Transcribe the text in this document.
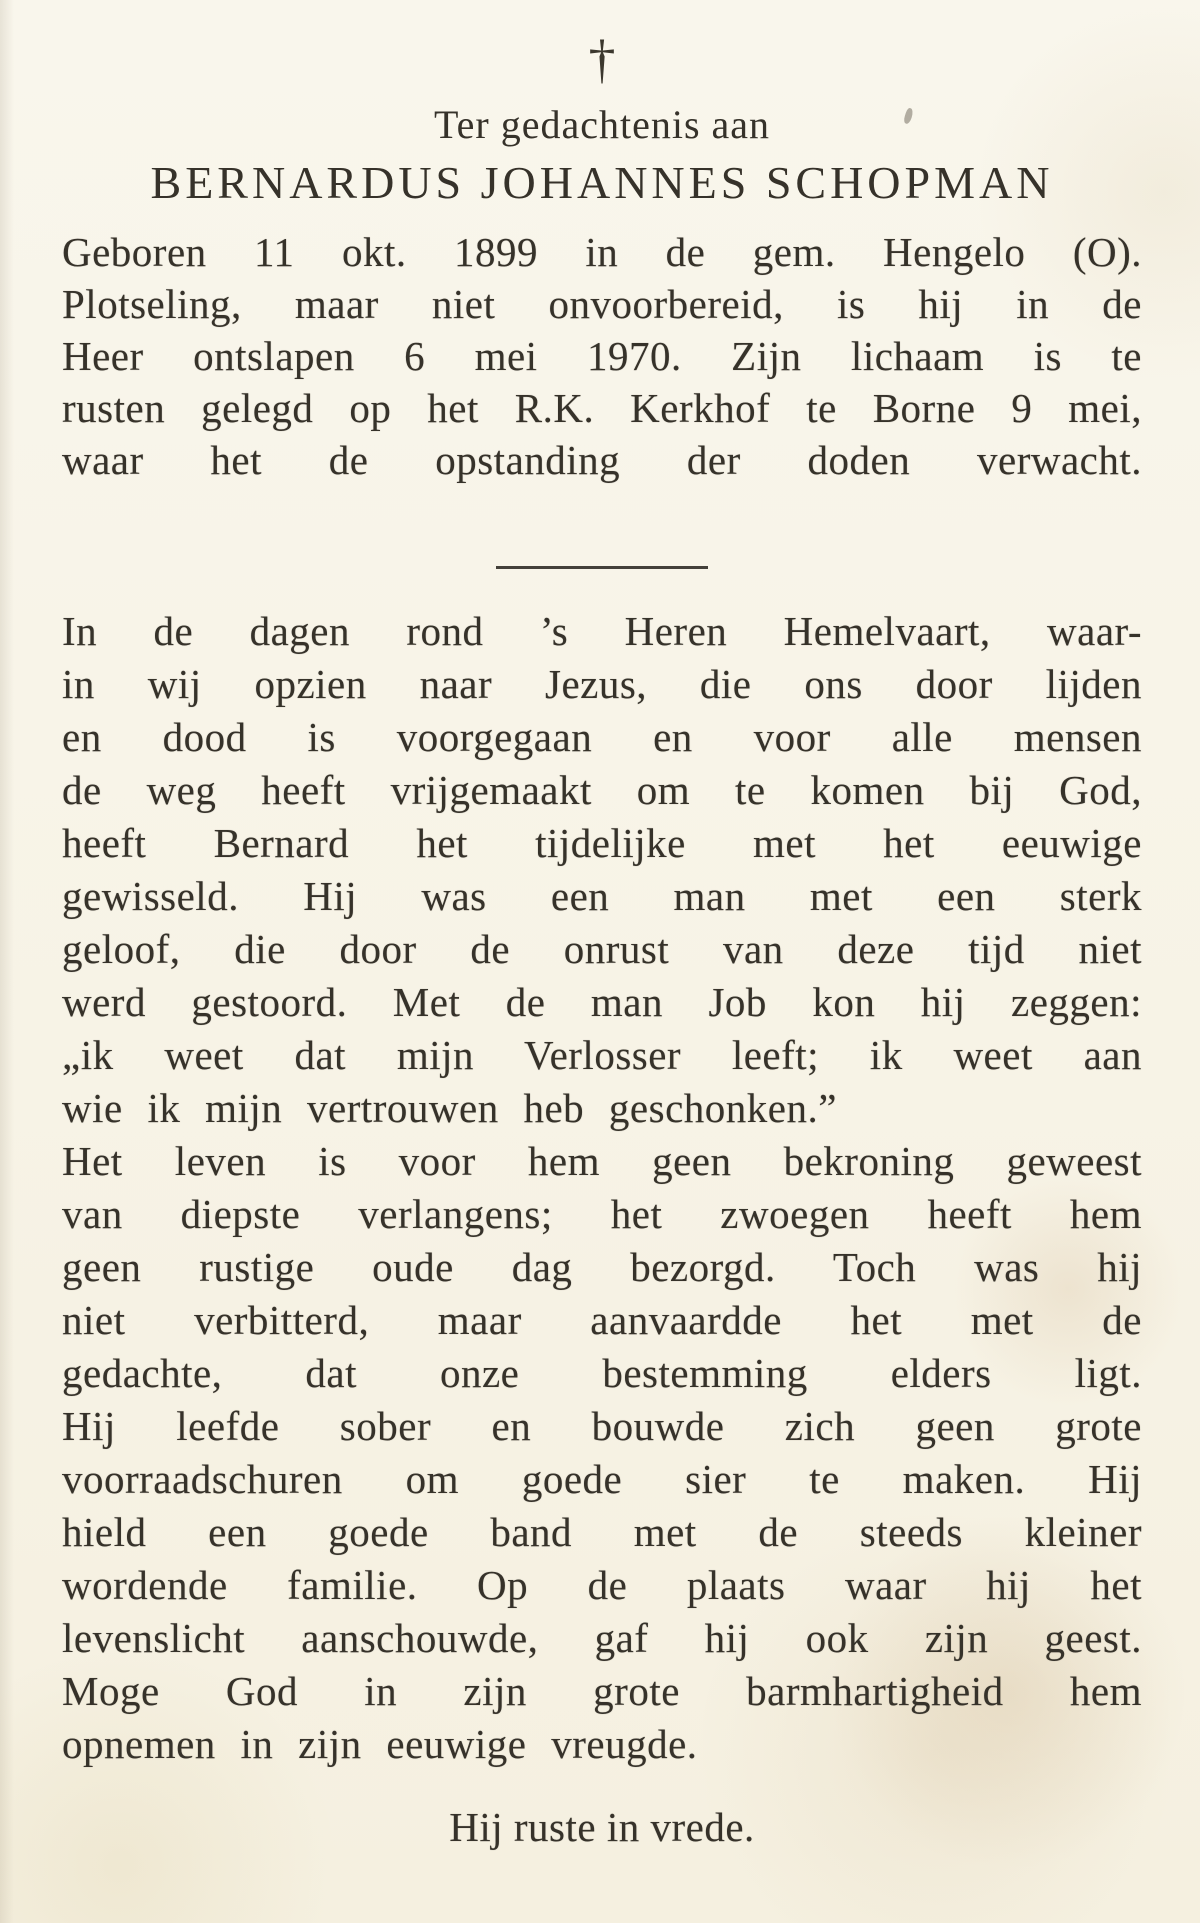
†
Ter gedachtenis aan
BERNARDUS JOHANNES SCHOPMAN
Geboren 11 okt. 1899 in de gem. Hengelo (O).
Plotseling, maar niet onvoorbereid, is hij in de
Heer ontslapen 6 mei 1970. Zijn lichaam is te
rusten gelegd op het R.K. Kerkhof te Borne 9 mei,
waar het de opstanding der doden verwacht.
In de dagen rond ’s Heren Hemelvaart, waar-
in wij opzien naar Jezus, die ons door lijden
en dood is voorgegaan en voor alle mensen
de weg heeft vrijgemaakt om te komen bij God,
heeft Bernard het tijdelijke met het eeuwige
gewisseld. Hij was een man met een sterk
geloof, die door de onrust van deze tijd niet
werd gestoord. Met de man Job kon hij zeggen:
„ik weet dat mijn Verlosser leeft; ik weet aan
wie ik mijn vertrouwen heb geschonken.”
Het leven is voor hem geen bekroning geweest
van diepste verlangens; het zwoegen heeft hem
geen rustige oude dag bezorgd. Toch was hij
niet verbitterd, maar aanvaardde het met de
gedachte, dat onze bestemming elders ligt.
Hij leefde sober en bouwde zich geen grote
voorraadschuren om goede sier te maken. Hij
hield een goede band met de steeds kleiner
wordende familie. Op de plaats waar hij het
levenslicht aanschouwde, gaf hij ook zijn geest.
Moge God in zijn grote barmhartigheid hem
opnemen in zijn eeuwige vreugde.
Hij ruste in vrede.
